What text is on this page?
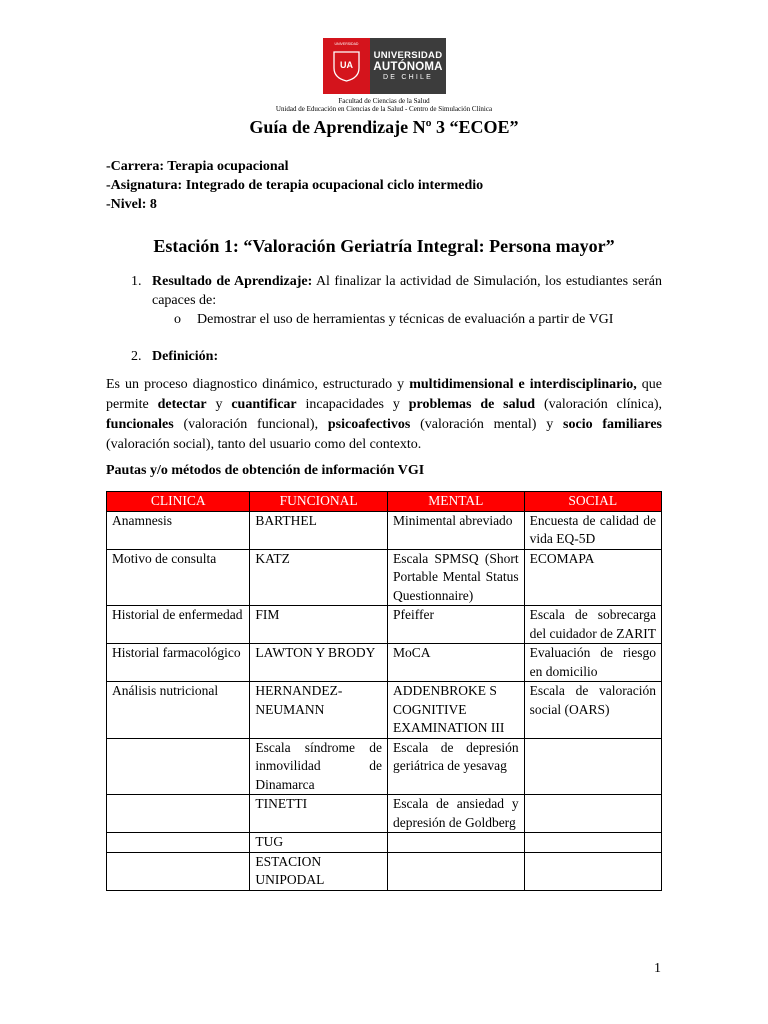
UNIVERSIDAD
UA
UNIVERSIDAD
AUTÓNOMA
DE CHILE
Facultad de Ciencias de la Salud
Unidad de Educación en Ciencias de la Salud - Centro de Simulación Clínica
Guía de Aprendizaje Nº 3 “ECOE”
-Carrera: Terapia ocupacional
-Asignatura: Integrado de terapia ocupacional ciclo intermedio
-Nivel: 8
Estación 1: “Valoración Geriatría Integral: Persona mayor”
1. Resultado de Aprendizaje: Al finalizar la actividad de Simulación, los estudiantes serán
capaces de:
o Demostrar el uso de herramientas y técnicas de evaluación a partir de VGI
2. Definición:
Es un proceso diagnostico dinámico, estructurado y multidimensional e interdisciplinario, que permite detectar y cuantificar incapacidades y problemas de salud (valoración clínica), funcionales (valoración funcional), psicoafectivos (valoración mental) y socio familiares (valoración social), tanto del usuario como del contexto.
Pautas y/o métodos de obtención de información VGI
CLINICA	FUNCIONAL	MENTAL	SOCIAL
Anamnesis	BARTHEL	Minimental abreviado	Encuesta de calidad de vida EQ-5D
Motivo de consulta	KATZ	Escala SPMSQ (Short Portable Mental Status Questionnaire)	ECOMAPA
Historial de enfermedad	FIM	Pfeiffer	Escala de sobrecarga del cuidador de ZARIT
Historial farmacológico	LAWTON Y BRODY	MoCA	Evaluación de riesgo en domicilio
Análisis nutricional	HERNANDEZ-NEUMANN	ADDENBROKE S COGNITIVE EXAMINATION III	Escala de valoración social (OARS)
	Escala síndrome de inmovilidad de Dinamarca	Escala de depresión geriátrica de yesavag	
	TINETTI	Escala de ansiedad y depresión de Goldberg	
	TUG		
	ESTACION UNIPODAL		
1
